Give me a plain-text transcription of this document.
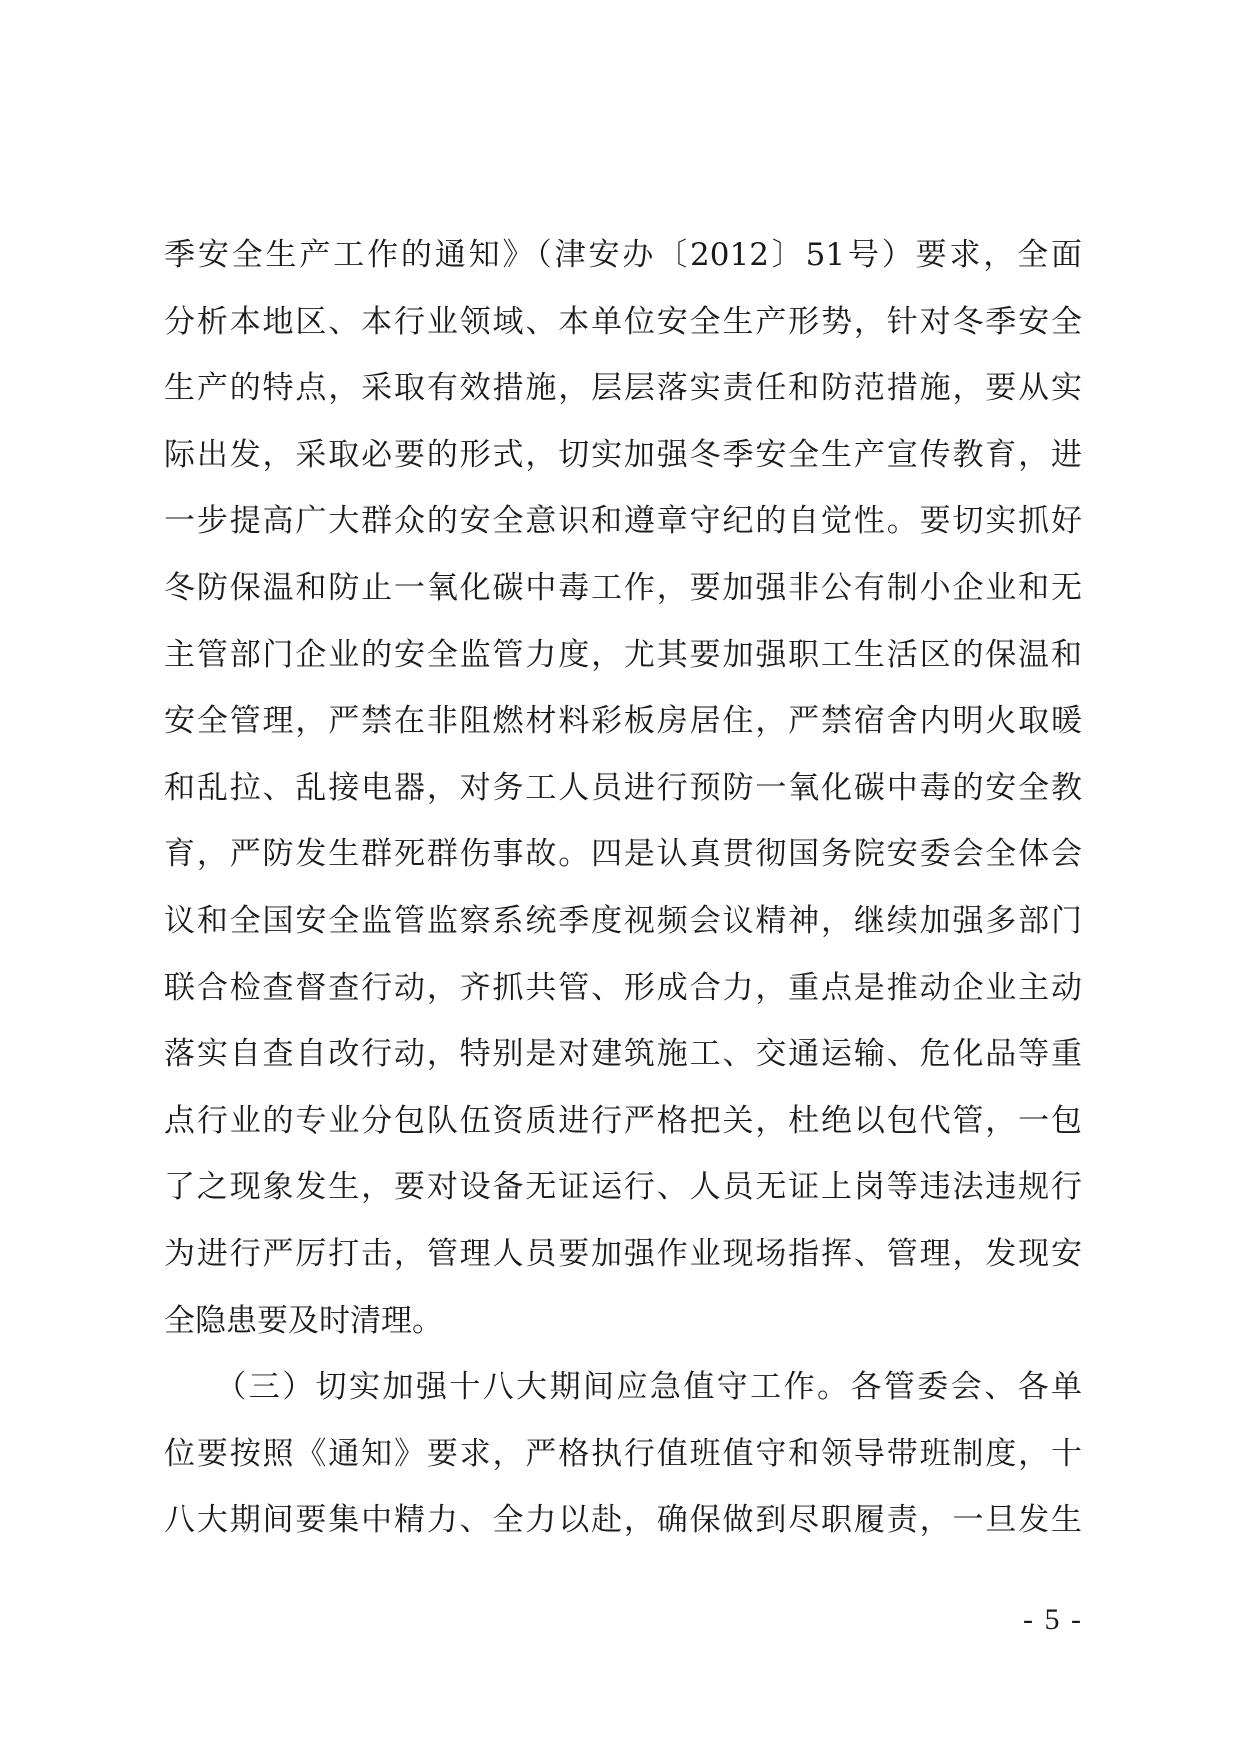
季安全生产工作的通知》（津安办〔2012〕51号）要求，全面
分析本地区、本行业领域、本单位安全生产形势，针对冬季安全
生产的特点，采取有效措施，层层落实责任和防范措施，要从实
际出发，采取必要的形式，切实加强冬季安全生产宣传教育，进
一步提高广大群众的安全意识和遵章守纪的自觉性。要切实抓好
冬防保温和防止一氧化碳中毒工作，要加强非公有制小企业和无
主管部门企业的安全监管力度，尤其要加强职工生活区的保温和
安全管理，严禁在非阻燃材料彩板房居住，严禁宿舍内明火取暖
和乱拉、乱接电器，对务工人员进行预防一氧化碳中毒的安全教
育，严防发生群死群伤事故。四是认真贯彻国务院安委会全体会
议和全国安全监管监察系统季度视频会议精神，继续加强多部门
联合检查督查行动，齐抓共管、形成合力，重点是推动企业主动
落实自查自改行动，特别是对建筑施工、交通运输、危化品等重
点行业的专业分包队伍资质进行严格把关，杜绝以包代管，一包
了之现象发生，要对设备无证运行、人员无证上岗等违法违规行
为进行严厉打击，管理人员要加强作业现场指挥、管理，发现安
全隐患要及时清理。
　　（三）切实加强十八大期间应急值守工作。各管委会、各单
位要按照《通知》要求，严格执行值班值守和领导带班制度，十
八大期间要集中精力、全力以赴，确保做到尽职履责，一旦发生
- 5 -
